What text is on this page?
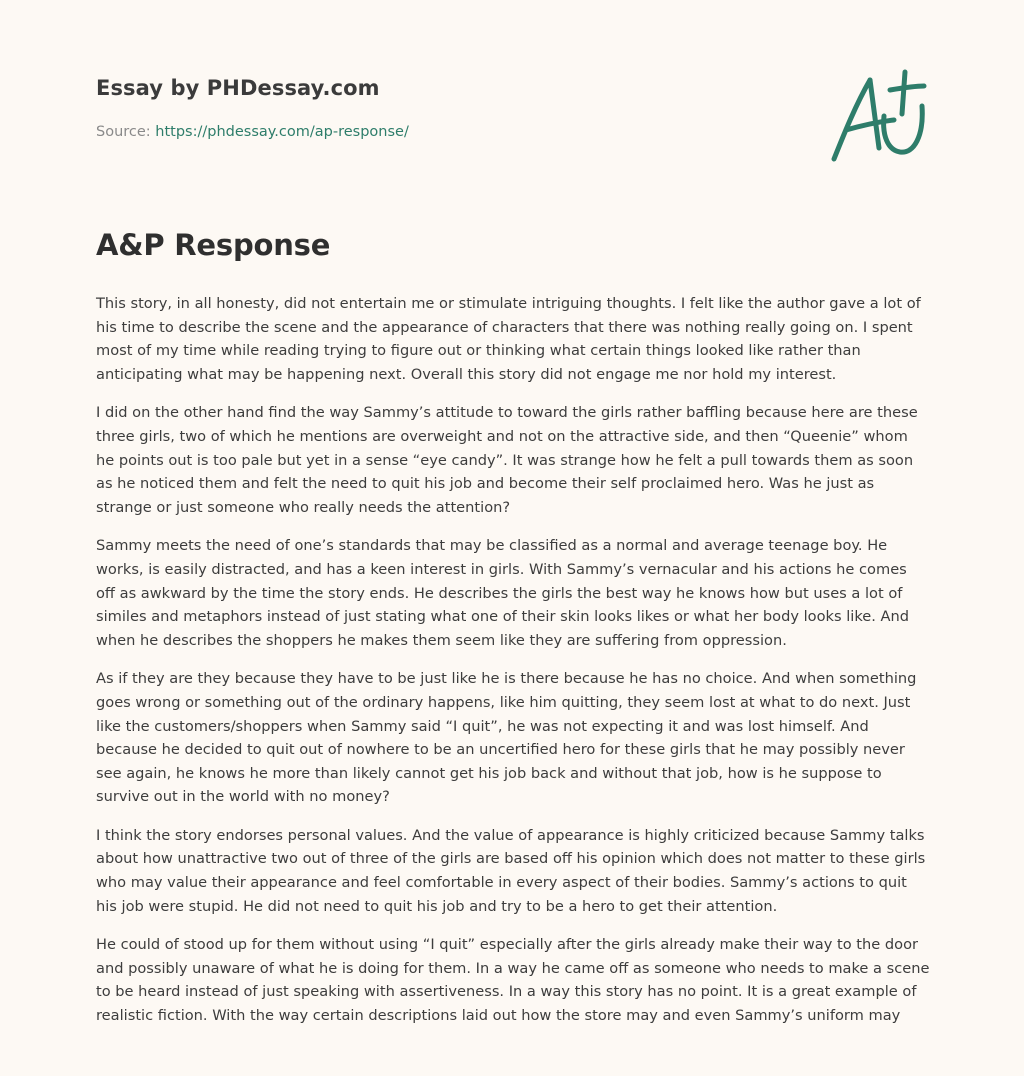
Essay by PHDessay.com

Source: https://phdessay.com/ap-response/

A&P Response

This story, in all honesty, did not entertain me or stimulate intriguing thoughts. I felt like the author gave a lot of his time to describe the scene and the appearance of characters that there was nothing really going on. I spent most of my time while reading trying to figure out or thinking what certain things looked like rather than anticipating what may be happening next. Overall this story did not engage me nor hold my interest.

I did on the other hand find the way Sammy’s attitude to toward the girls rather baffling because here are these three girls, two of which he mentions are overweight and not on the attractive side, and then “Queenie” whom he points out is too pale but yet in a sense “eye candy”. It was strange how he felt a pull towards them as soon as he noticed them and felt the need to quit his job and become their self proclaimed hero. Was he just as strange or just someone who really needs the attention?

Sammy meets the need of one’s standards that may be classified as a normal and average teenage boy. He works, is easily distracted, and has a keen interest in girls. With Sammy’s vernacular and his actions he comes off as awkward by the time the story ends. He describes the girls the best way he knows how but uses a lot of similes and metaphors instead of just stating what one of their skin looks likes or what her body looks like. And when he describes the shoppers he makes them seem like they are suffering from oppression.

As if they are they because they have to be just like he is there because he has no choice. And when something goes wrong or something out of the ordinary happens, like him quitting, they seem lost at what to do next. Just like the customers/shoppers when Sammy said “I quit”, he was not expecting it and was lost himself. And because he decided to quit out of nowhere to be an uncertified hero for these girls that he may possibly never see again, he knows he more than likely cannot get his job back and without that job, how is he suppose to survive out in the world with no money?

I think the story endorses personal values. And the value of appearance is highly criticized because Sammy talks about how unattractive two out of three of the girls are based off his opinion which does not matter to these girls who may value their appearance and feel comfortable in every aspect of their bodies. Sammy’s actions to quit his job were stupid. He did not need to quit his job and try to be a hero to get their attention.

He could of stood up for them without using “I quit” especially after the girls already make their way to the door and possibly unaware of what he is doing for them. In a way he came off as someone who needs to make a scene to be heard instead of just speaking with assertiveness. In a way this story has no point. It is a great example of realistic fiction. With the way certain descriptions laid out how the store may and even Sammy’s uniform may
